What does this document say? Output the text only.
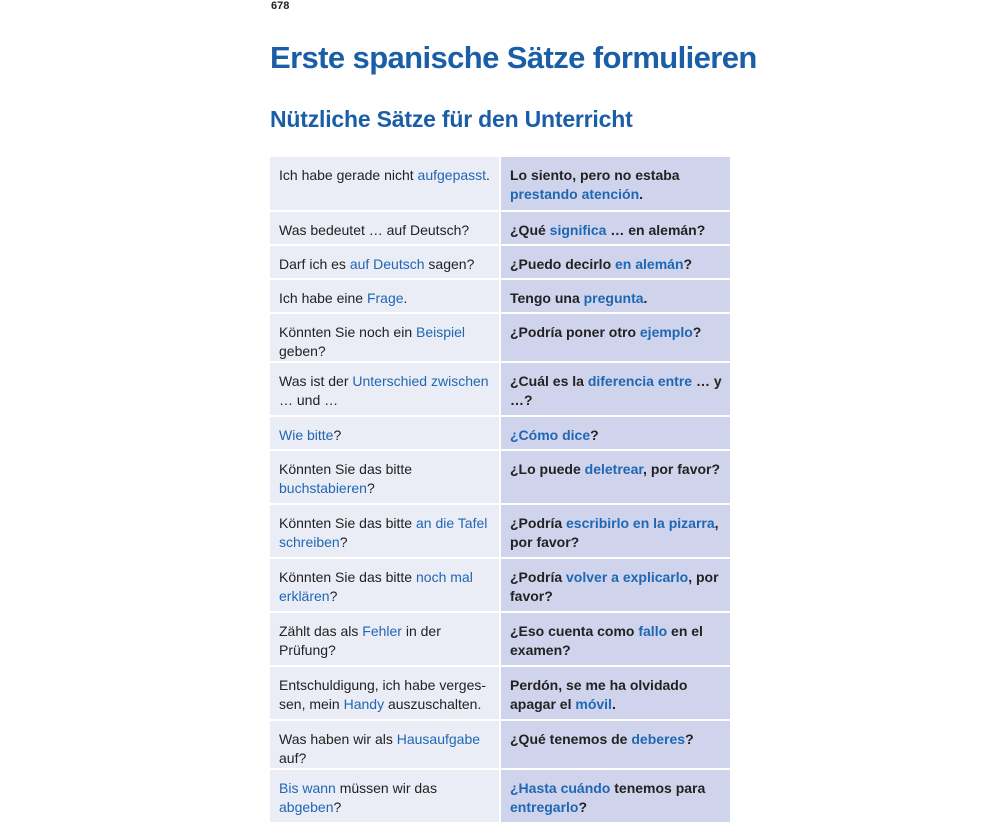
678
Erste spanische Sätze formulieren
Nützliche Sätze für den Unterricht
Ich habe gerade nicht aufgepasst.	Lo siento, pero no estaba prestando atención.

Was bedeutet … auf Deutsch?	¿Qué significa … en alemán?

Darf ich es auf Deutsch sagen?	¿Puedo decirlo en alemán?

Ich habe eine Frage.	Tengo una pregunta.

Könnten Sie noch ein Beispiel geben?	¿Podría poner otro ejemplo?

Was ist der Unterschied zwischen … und …	¿Cuál es la diferencia entre … y …?

Wie bitte?	¿Cómo dice?

Könnten Sie das bitte buchstabieren?	¿Lo puede deletrear, por favor?

Könnten Sie das bitte an die Tafel schreiben?	¿Podría escribirlo en la pizarra, por favor?

Könnten Sie das bitte noch mal erklären?	¿Podría volver a explicarlo, por favor?

Zählt das als Fehler in der Prüfung?	¿Eso cuenta como fallo en el examen?

Entschuldigung, ich habe vergessen, mein Handy auszuschalten.	Perdón, se me ha olvidado apagar el móvil.

Was haben wir als Hausaufgabe auf?	¿Qué tenemos de deberes?

Bis wann müssen wir das abgeben?	¿Hasta cuándo tenemos para entregarlo?
